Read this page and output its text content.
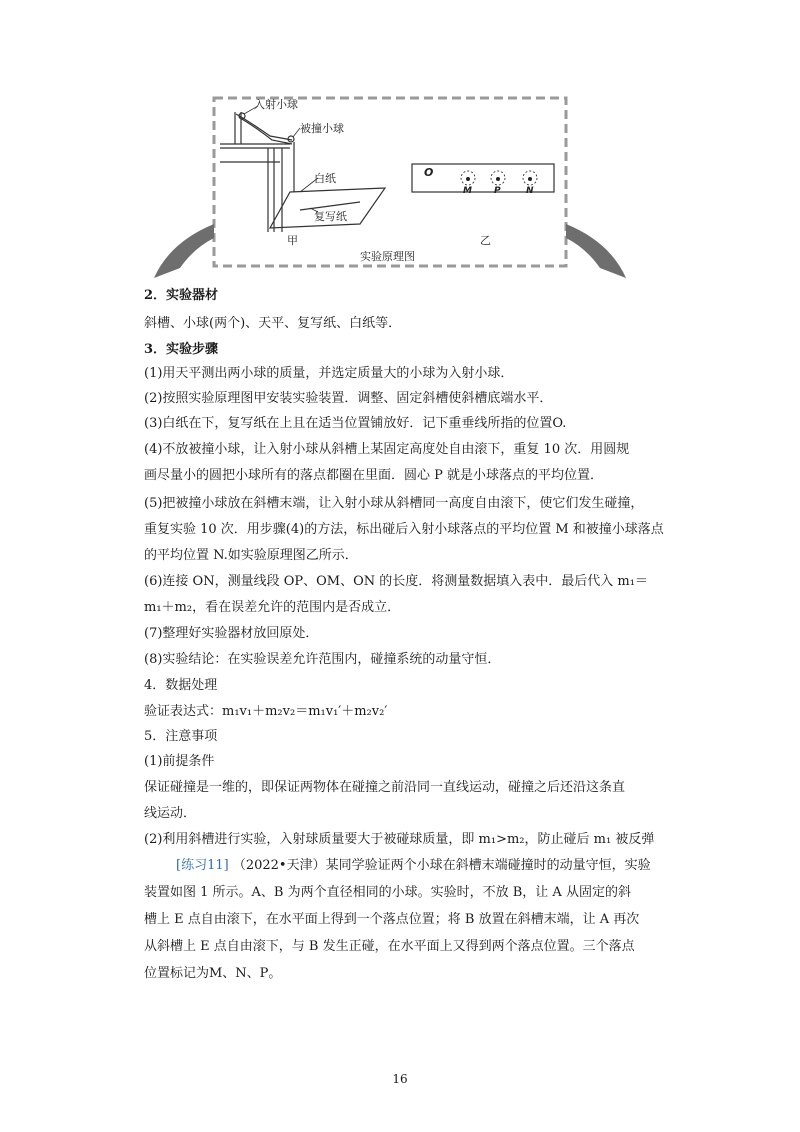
入射小球
被撞小球
白纸
复写纸
甲	乙
实验原理图
O
M P	N
2．实验器材
斜槽、小球(两个)、天平、复写纸、白纸等．
3．实验步骤
(1)用天平测出两小球的质量，并选定质量大的小球为入射小球．
(2)按照实验原理图甲安装实验装置．调整、固定斜槽使斜槽底端水平．
(3)白纸在下，复写纸在上且在适当位置铺放好．记下重垂线所指的位置O.
(4)不放被撞小球，让入射小球从斜槽上某固定高度处自由滚下，重复 10 次．用圆规
画尽量小的圆把小球所有的落点都圈在里面．圆心 P 就是小球落点的平均位置．
(5)把被撞小球放在斜槽末端，让入射小球从斜槽同一高度自由滚下，使它们发生碰撞，
重复实验 10 次．用步骤(4)的方法，标出碰后入射小球落点的平均位置 M 和被撞小球落点
的平均位置 N.如实验原理图乙所示．
(6)连接 ON，测量线段 OP、OM、ON 的长度．将测量数据填入表中．最后代入 m₁＝
m₁＋m₂，看在误差允许的范围内是否成立．
(7)整理好实验器材放回原处．
(8)实验结论：在实验误差允许范围内，碰撞系统的动量守恒．
4．数据处理
验证表达式：m₁v₁＋m₂v₂＝m₁v₁′＋m₂v₂′
5．注意事项
(1)前提条件
保证碰撞是一维的，即保证两物体在碰撞之前沿同一直线运动，碰撞之后还沿这条直
线运动．
(2)利用斜槽进行实验，入射球质量要大于被碰球质量，即 m₁>m₂，防止碰后 m₁ 被反弹
[练习11] （2022•天津）某同学验证两个小球在斜槽末端碰撞时的动量守恒，实验
装置如图 1 所示。A、B 为两个直径相同的小球。实验时，不放 B，让 A 从固定的斜
槽上 E 点自由滚下，在水平面上得到一个落点位置；将 B 放置在斜槽末端，让 A 再次
从斜槽上 E 点自由滚下，与 B 发生正碰，在水平面上又得到两个落点位置。三个落点
位置标记为M、N、P。
16
